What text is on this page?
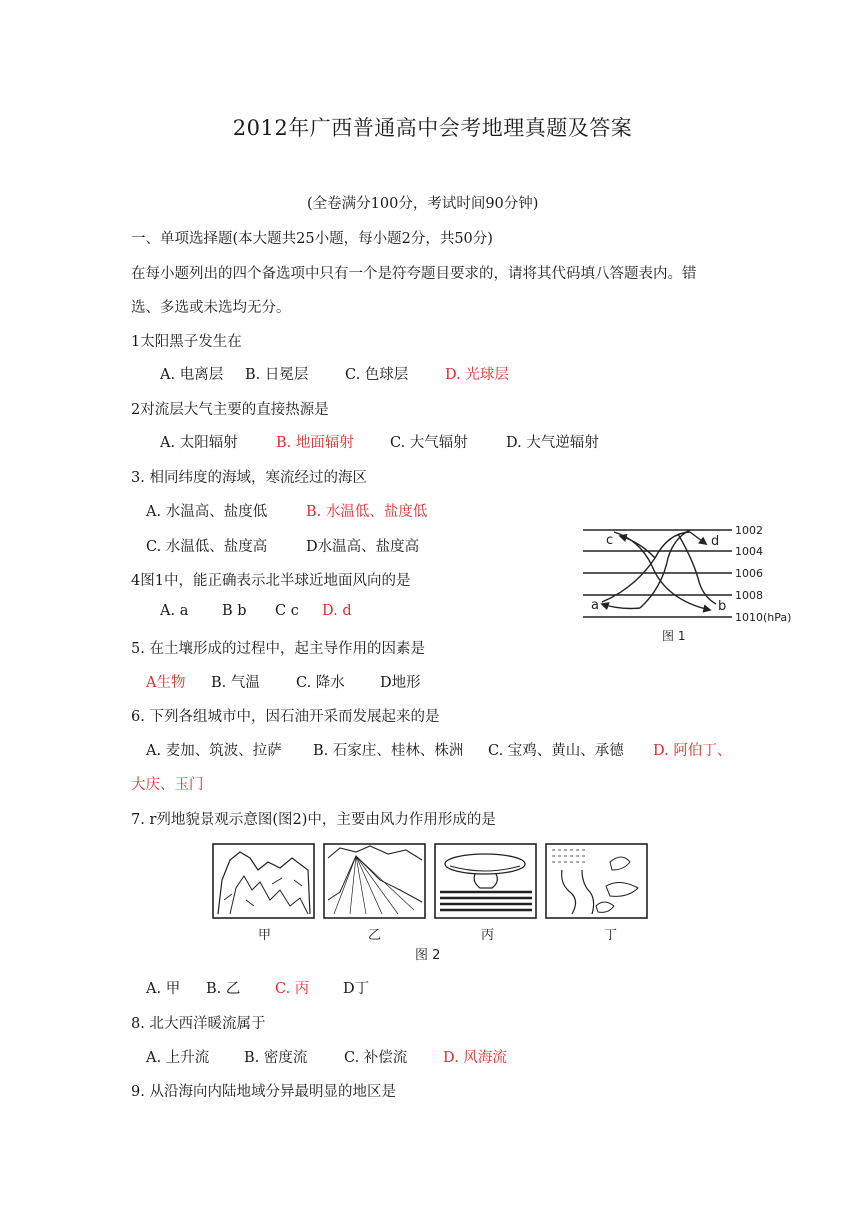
2012年广西普通高中会考地理真题及答案
(全卷满分100分，考试时间90分钟)
一、单项选择题(本大题共25小题，每小题2分，共50分)
在每小题列出的四个备选项中只有一个是符夸题目要求的，请将其代码填八答题表内。错
选、多选或未选均无分。
1太阳黑子发生在
A. 电离层 B. 日冕层	C. 色球层	D. 光球层
2对流层大气主要的直接热源是
A. 太阳辐射	B. 地面辐射 C. 大气辐射	D. 大气逆辐射
3. 相同纬度的海域，寒流经过的海区
A. 水温高、盐度低	B. 水温低、盐度低
C. 水温低、盐度高	D水温高、盐度高
1002
1004
1006
1008
1010(hPa)
a	b
c	d
图 1
4图1中，能正确表示北半球近地面风向的是
A. a B b C c D. d
5. 在土壤形成的过程中，起主导作用的因素是
A生物 B. 气温 C. 降水 D地形
6. 下列各组城市中，因石油开采而发展起来的是
A. 麦加、筑波、拉萨 B. 石家庄、桂林、株洲 C. 宝鸡、黄山、承德 D. 阿伯丁、
大庆、玉门
7. r列地貌景观示意图(图2)中，主要由风力作用形成的是
甲	乙	丙	丁
图 2
A. 甲 B. 乙 C. 丙 D丁
8. 北大西洋暖流属于
A. 上升流 B. 密度流	C. 补偿流 D. 风海流
9. 从沿海向内陆地域分异最明显的地区是
